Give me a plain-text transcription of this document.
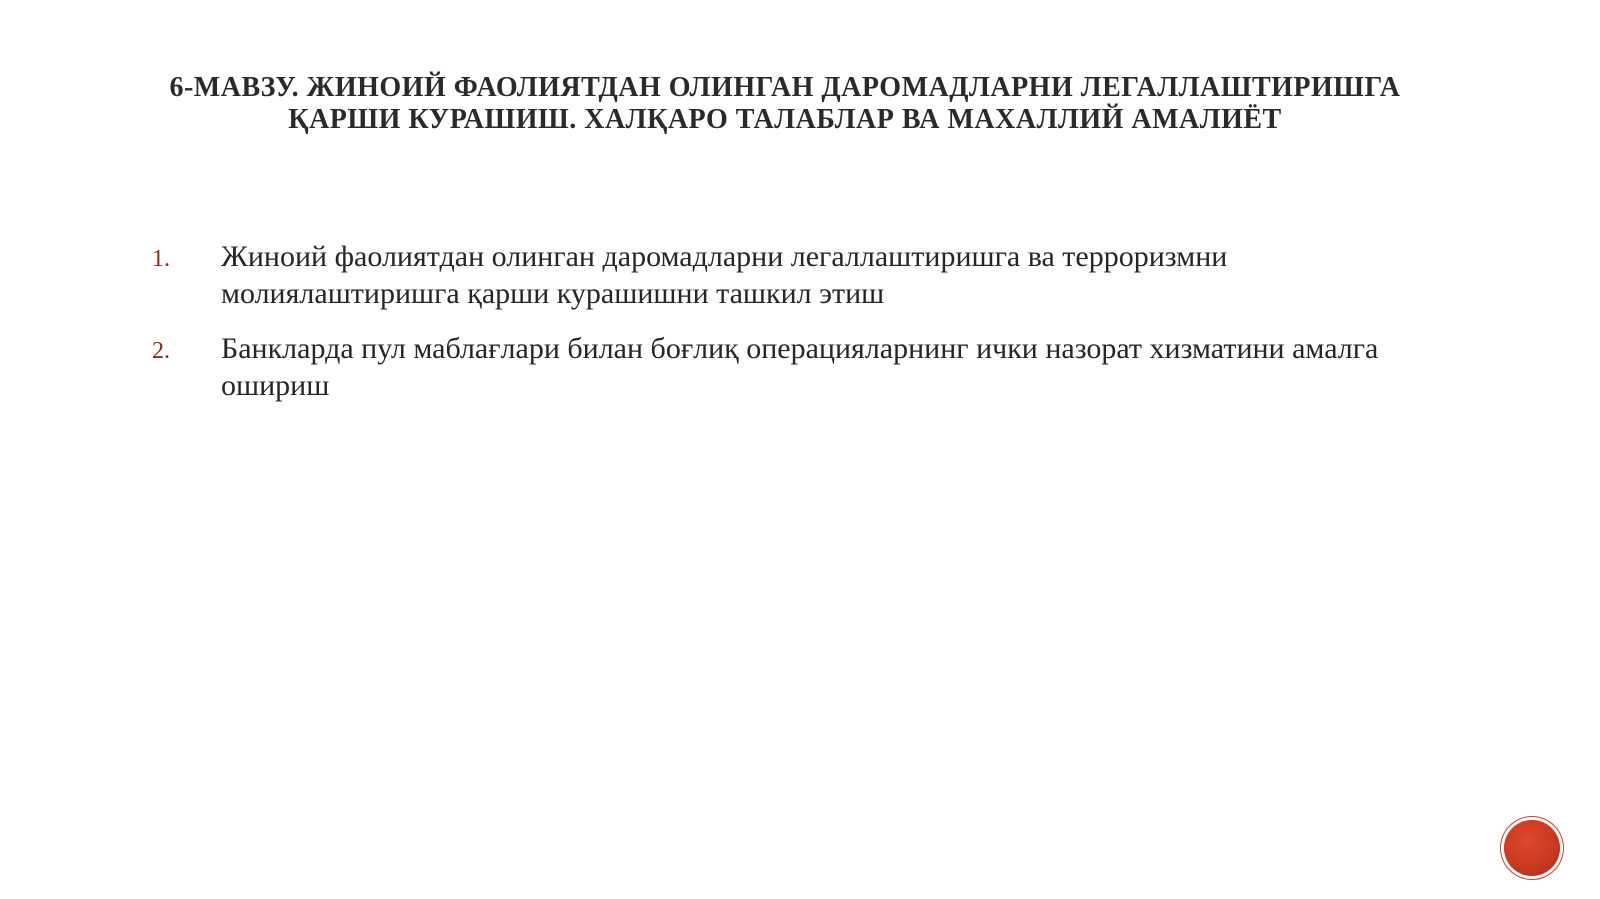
6-МАВЗУ. ЖИНОИЙ ФАОЛИЯТДАН ОЛИНГАН ДАРОМАДЛАРНИ ЛЕГАЛЛАШТИРИШГА
ҚАРШИ КУРАШИШ. ХАЛҚАРО ТАЛАБЛАР ВА МАХАЛЛИЙ АМАЛИЁТ
1. Жиноий фаолиятдан олинган даромадларни легаллаштиришга ва терроризмни молиялаштиришга қарши курашишни ташкил этиш
2. Банкларда пул маблағлари билан боғлиқ операцияларнинг ички назорат хизматини амалга ошириш
